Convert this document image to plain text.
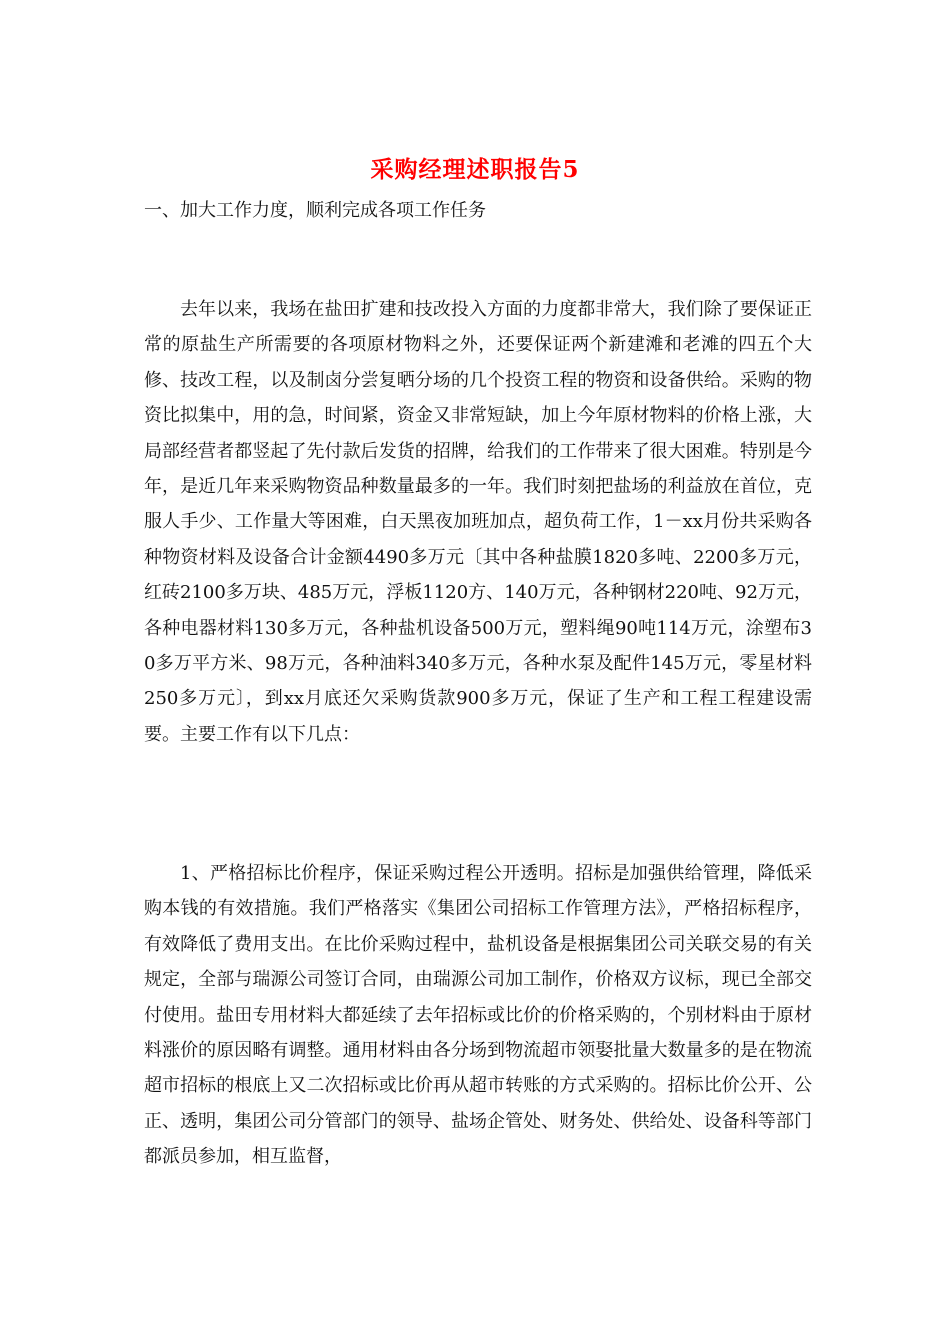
采购经理述职报告5
一、加大工作力度，顺利完成各项工作任务

去年以来，我场在盐田扩建和技改投入方面的力度都非常大，我们除了要保证正常的原盐生产所需要的各项原材物料之外，还要保证两个新建滩和老滩的四五个大修、技改工程，以及制卤分尝复晒分场的几个投资工程的物资和设备供给。采购的物资比拟集中，用的急，时间紧，资金又非常短缺，加上今年原材物料的价格上涨，大局部经营者都竖起了先付款后发货的招牌，给我们的工作带来了很大困难。特别是今年，是近几年来采购物资品种数量最多的一年。我们时刻把盐场的利益放在首位，克服人手少、工作量大等困难，白天黑夜加班加点，超负荷工作，1－xx月份共采购各种物资材料及设备合计金额4490多万元〔其中各种盐膜1820多吨、2200多万元，红砖2100多万块、485万元，浮板1120方、140万元，各种钢材220吨、92万元，各种电器材料130多万元，各种盐机设备500万元，塑料绳90吨114万元，涂塑布30多万平方米、98万元，各种油料340多万元，各种水泵及配件145万元，零星材料250多万元〕，到xx月底还欠采购货款900多万元，保证了生产和工程工程建设需要。主要工作有以下几点：

1、严格招标比价程序，保证采购过程公开透明。招标是加强供给管理，降低采购本钱的有效措施。我们严格落实《集团公司招标工作管理方法》，严格招标程序，有效降低了费用支出。在比价采购过程中，盐机设备是根据集团公司关联交易的有关规定，全部与瑞源公司签订合同，由瑞源公司加工制作，价格双方议标，现已全部交付使用。盐田专用材料大都延续了去年招标或比价的价格采购的，个别材料由于原材料涨价的原因略有调整。通用材料由各分场到物流超市领娶批量大数量多的是在物流超市招标的根底上又二次招标或比价再从超市转账的方式采购的。招标比价公开、公正、透明，集团公司分管部门的领导、盐场企管处、财务处、供给处、设备科等部门都派员参加，相互监督，
